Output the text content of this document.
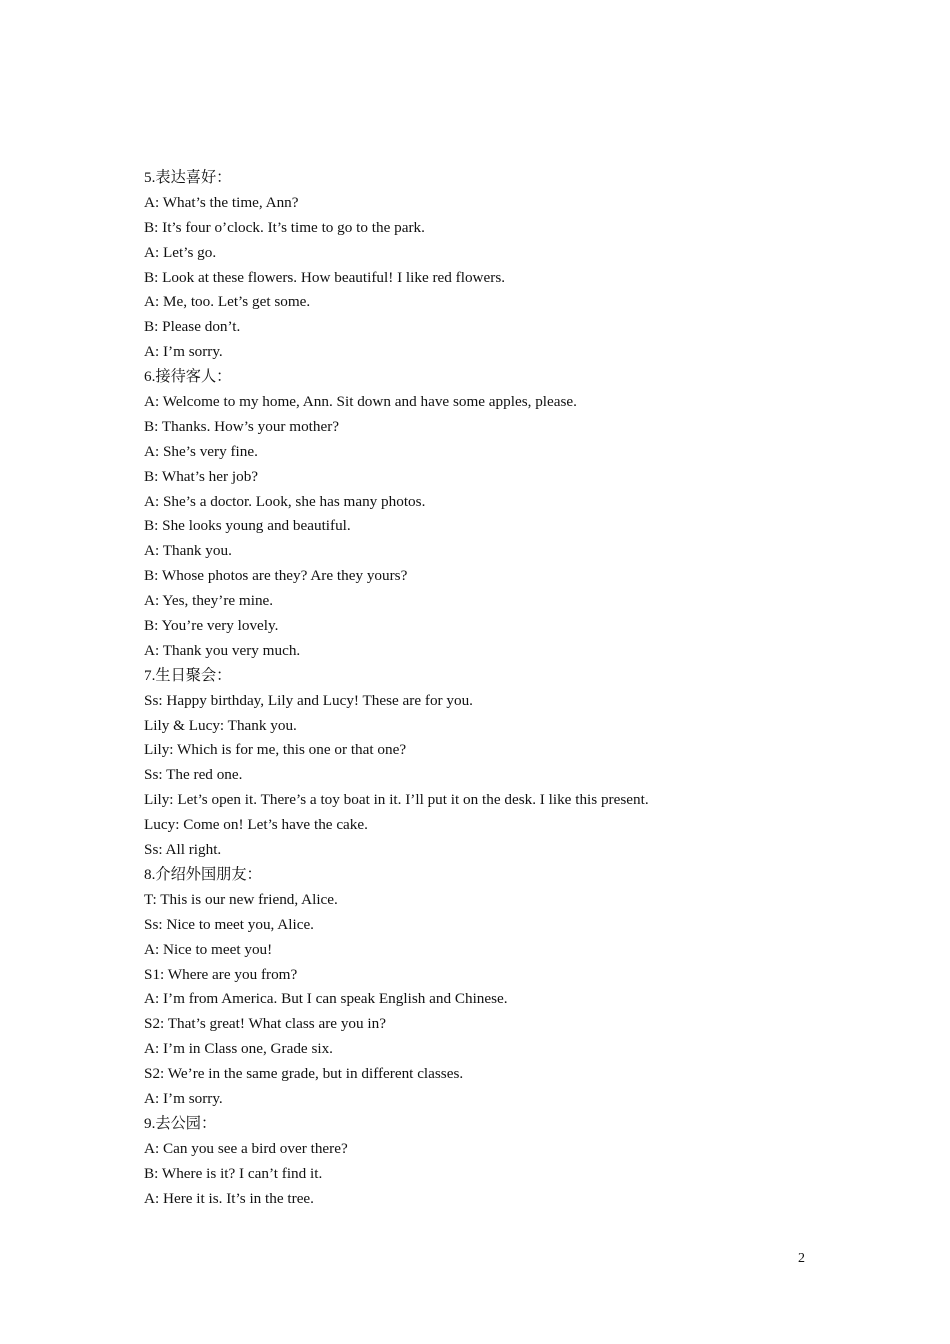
5.表达喜好：
A: What’s the time, Ann?
B: It’s four o’clock. It’s time to go to the park.
A: Let’s go.
B: Look at these flowers. How beautiful! I like red flowers.
A: Me, too. Let’s get some.
B: Please don’t.
A: I’m sorry.
6.接待客人：
A: Welcome to my home, Ann. Sit down and have some apples, please.
B: Thanks. How’s your mother?
A: She’s very fine.
B: What’s her job?
A: She’s a doctor. Look, she has many photos.
B: She looks young and beautiful.
A: Thank you.
B: Whose photos are they? Are they yours?
A: Yes, they’re mine.
B: You’re very lovely.
A: Thank you very much.
7.生日聚会：
Ss: Happy birthday, Lily and Lucy! These are for you.
Lily & Lucy: Thank you.
Lily: Which is for me, this one or that one?
Ss: The red one.
Lily: Let’s open it. There’s a toy boat in it. I’ll put it on the desk. I like this present.
Lucy: Come on! Let’s have the cake.
Ss: All right.
8.介绍外国朋友：
T: This is our new friend, Alice.
Ss: Nice to meet you, Alice.
A: Nice to meet you!
S1: Where are you from?
A: I’m from America. But I can speak English and Chinese.
S2: That’s great! What class are you in?
A: I’m in Class one, Grade six.
S2: We’re in the same grade, but in different classes.
A: I’m sorry.
9.去公园：
A: Can you see a bird over there?
B: Where is it? I can’t find it.
A: Here it is. It’s in the tree.
2
